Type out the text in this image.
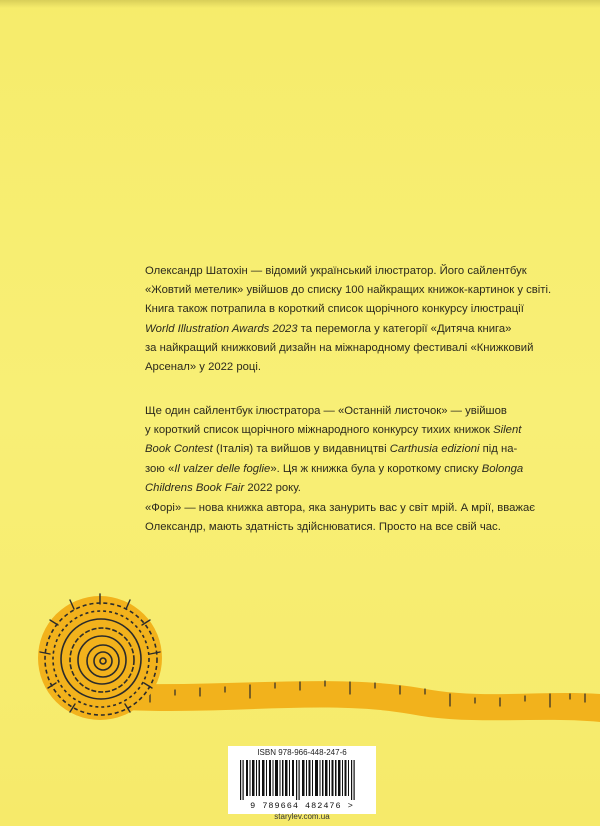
Олександр Шатохін — відомий український ілюстратор. Його сайлентбук
«Жовтий метелик» увійшов до списку 100 найкращих книжок-картинок у світі.
Книга також потрапила в короткий список щорічного конкурсу ілюстрації
World Illustration Awards 2023 та перемогла у категорії «Дитяча книга»
за найкращий книжковий дизайн на міжнародному фестивалі «Книжковий
Арсенал» у 2022 році.
Ще один сайлентбук ілюстратора — «Останній листочок» — увійшов
у короткий список щорічного міжнародного конкурсу тихих книжок Silent
Book Contest (Італія) та вийшов у видавництві Carthusia edizioni під на-
зою «Il valzer delle foglie». Ця ж книжка була у короткому списку Bolonga
Childrens Book Fair 2022 року.
«Форі» — нова книжка автора, яка занурить вас у світ мрій. А мрії, вважає
Олександр, мають здатність здійснюватися. Просто на все свій час.
ISBN 978-966-448-247-6
9 789664 482476 >
starylev.com.ua
